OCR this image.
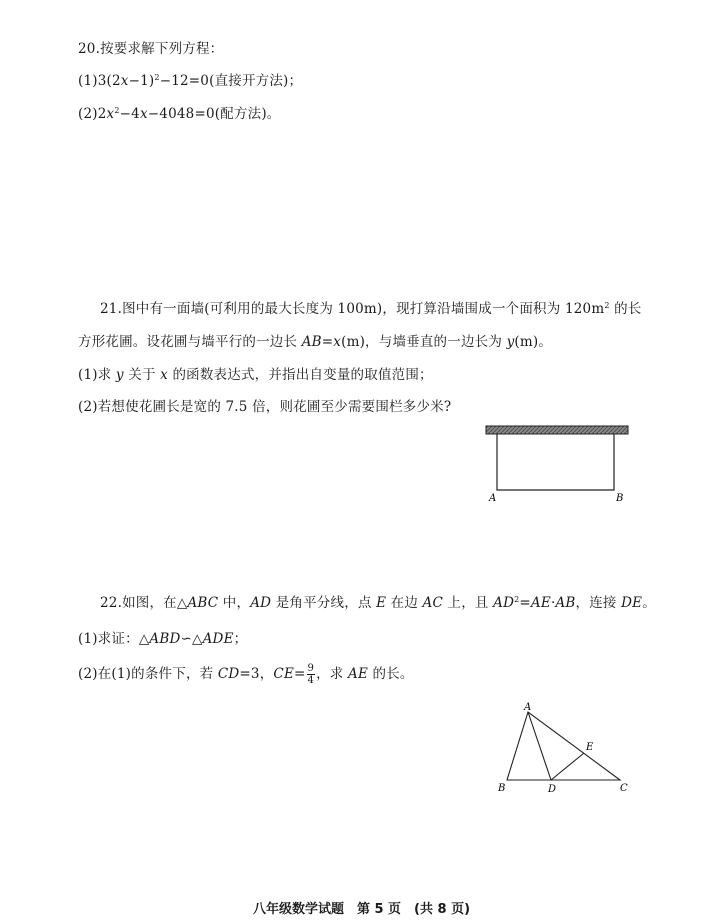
20.按要求解下列方程：
$(1)3(2x-1)^2-12=0$(直接开方法)；
$(2)2x^2-4x-4048=0$(配方法)。
21.图中有一面墙(可利用的最大长度为 100m)，现打算沿墙围成一个面积为 $120m^2$ 的长
方形花圃。设花圃与墙平行的一边长 AB=x(m)，与墙垂直的一边长为 y(m)。
(1)求 y 关于 x 的函数表达式，并指出自变量的取值范围；
(2)若想使花圃长是宽的 7.5 倍，则花圃至少需要围栏多少米?
A	B
22.如图，在△ABC 中，AD 是角平分线，点 E 在边 AC 上，且 $AD^2=AE\cdot AB$，连接 DE。
(1)求证：△ABD∽△ADE；
(2)在(1)的条件下，若 CD=3，$CE= \frac{9}{4}$ ，求 AE 的长。
A
B	C
D
E
八年级数学试题　第 5 页　(共 8 页)
